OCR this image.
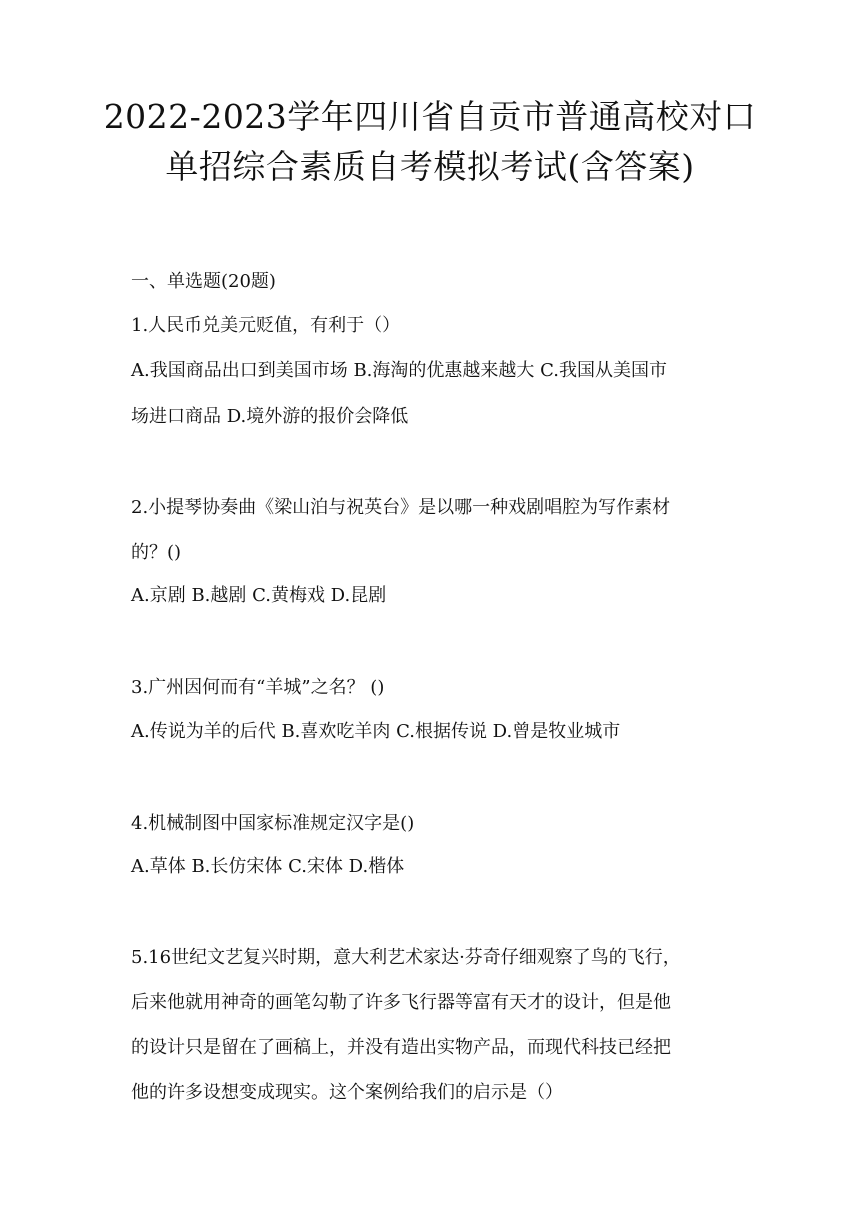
2022-2023学年四川省自贡市普通高校对口
单招综合素质自考模拟考试(含答案)
一、单选题(20题)
1.人民币兑美元贬值，有利于（）
A.我国商品出口到美国市场 B.海淘的优惠越来越大 C.我国从美国市
场进口商品 D.境外游的报价会降低
2.小提琴协奏曲《梁山泊与祝英台》是以哪一种戏剧唱腔为写作素材
的？()
A.京剧 B.越剧 C.黄梅戏 D.昆剧
3.广州因何而有“羊城”之名？ ()
A.传说为羊的后代 B.喜欢吃羊肉 C.根据传说 D.曾是牧业城市
4.机械制图中国家标准规定汉字是()
A.草体 B.长仿宋体 C.宋体 D.楷体
5.16世纪文艺复兴时期，意大利艺术家达·芬奇仔细观察了鸟的飞行，
后来他就用神奇的画笔勾勒了许多飞行器等富有天才的设计，但是他
的设计只是留在了画稿上，并没有造出实物产品，而现代科技已经把
他的许多设想变成现实。这个案例给我们的启示是（）
